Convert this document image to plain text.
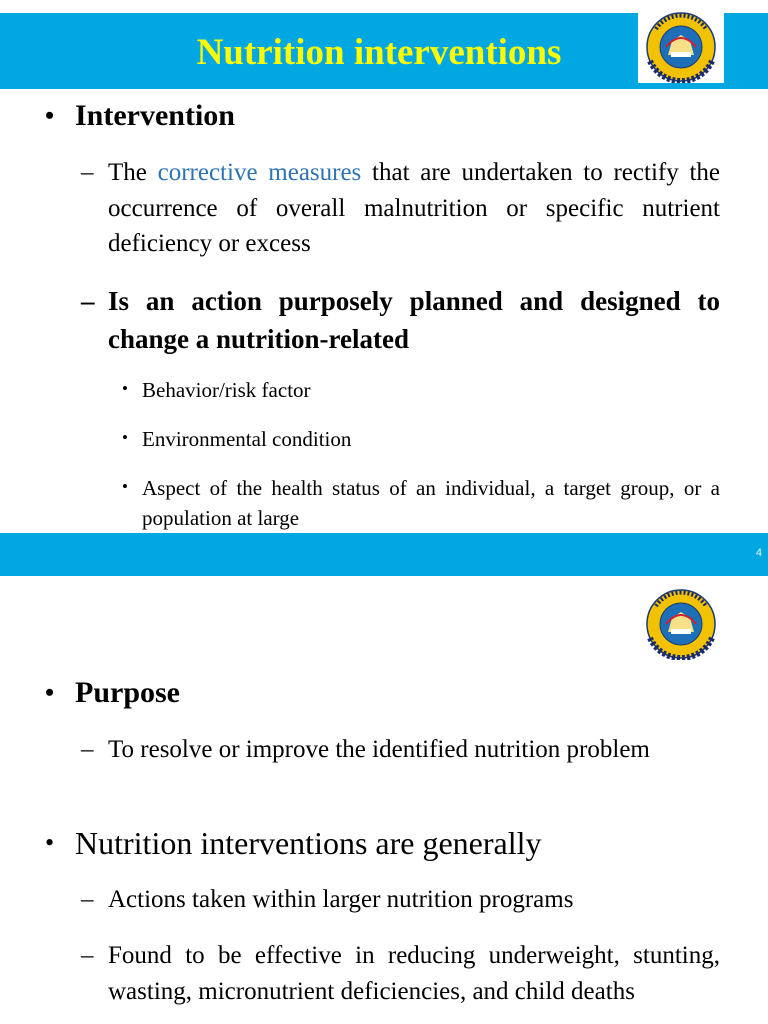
Nutrition interventions
• Intervention
– The corrective measures that are undertaken to rectify the occurrence of overall malnutrition or specific nutrient deficiency or excess
– Is an action purposely planned and designed to change a nutrition-related
• Behavior/risk factor
• Environmental condition
• Aspect of the health status of an individual, a target group, or a population at large
4
• Purpose
– To resolve or improve the identified nutrition problem
• Nutrition interventions are generally
– Actions taken within larger nutrition programs
– Found to be effective in reducing underweight, stunting, wasting, micronutrient deficiencies, and child deaths
